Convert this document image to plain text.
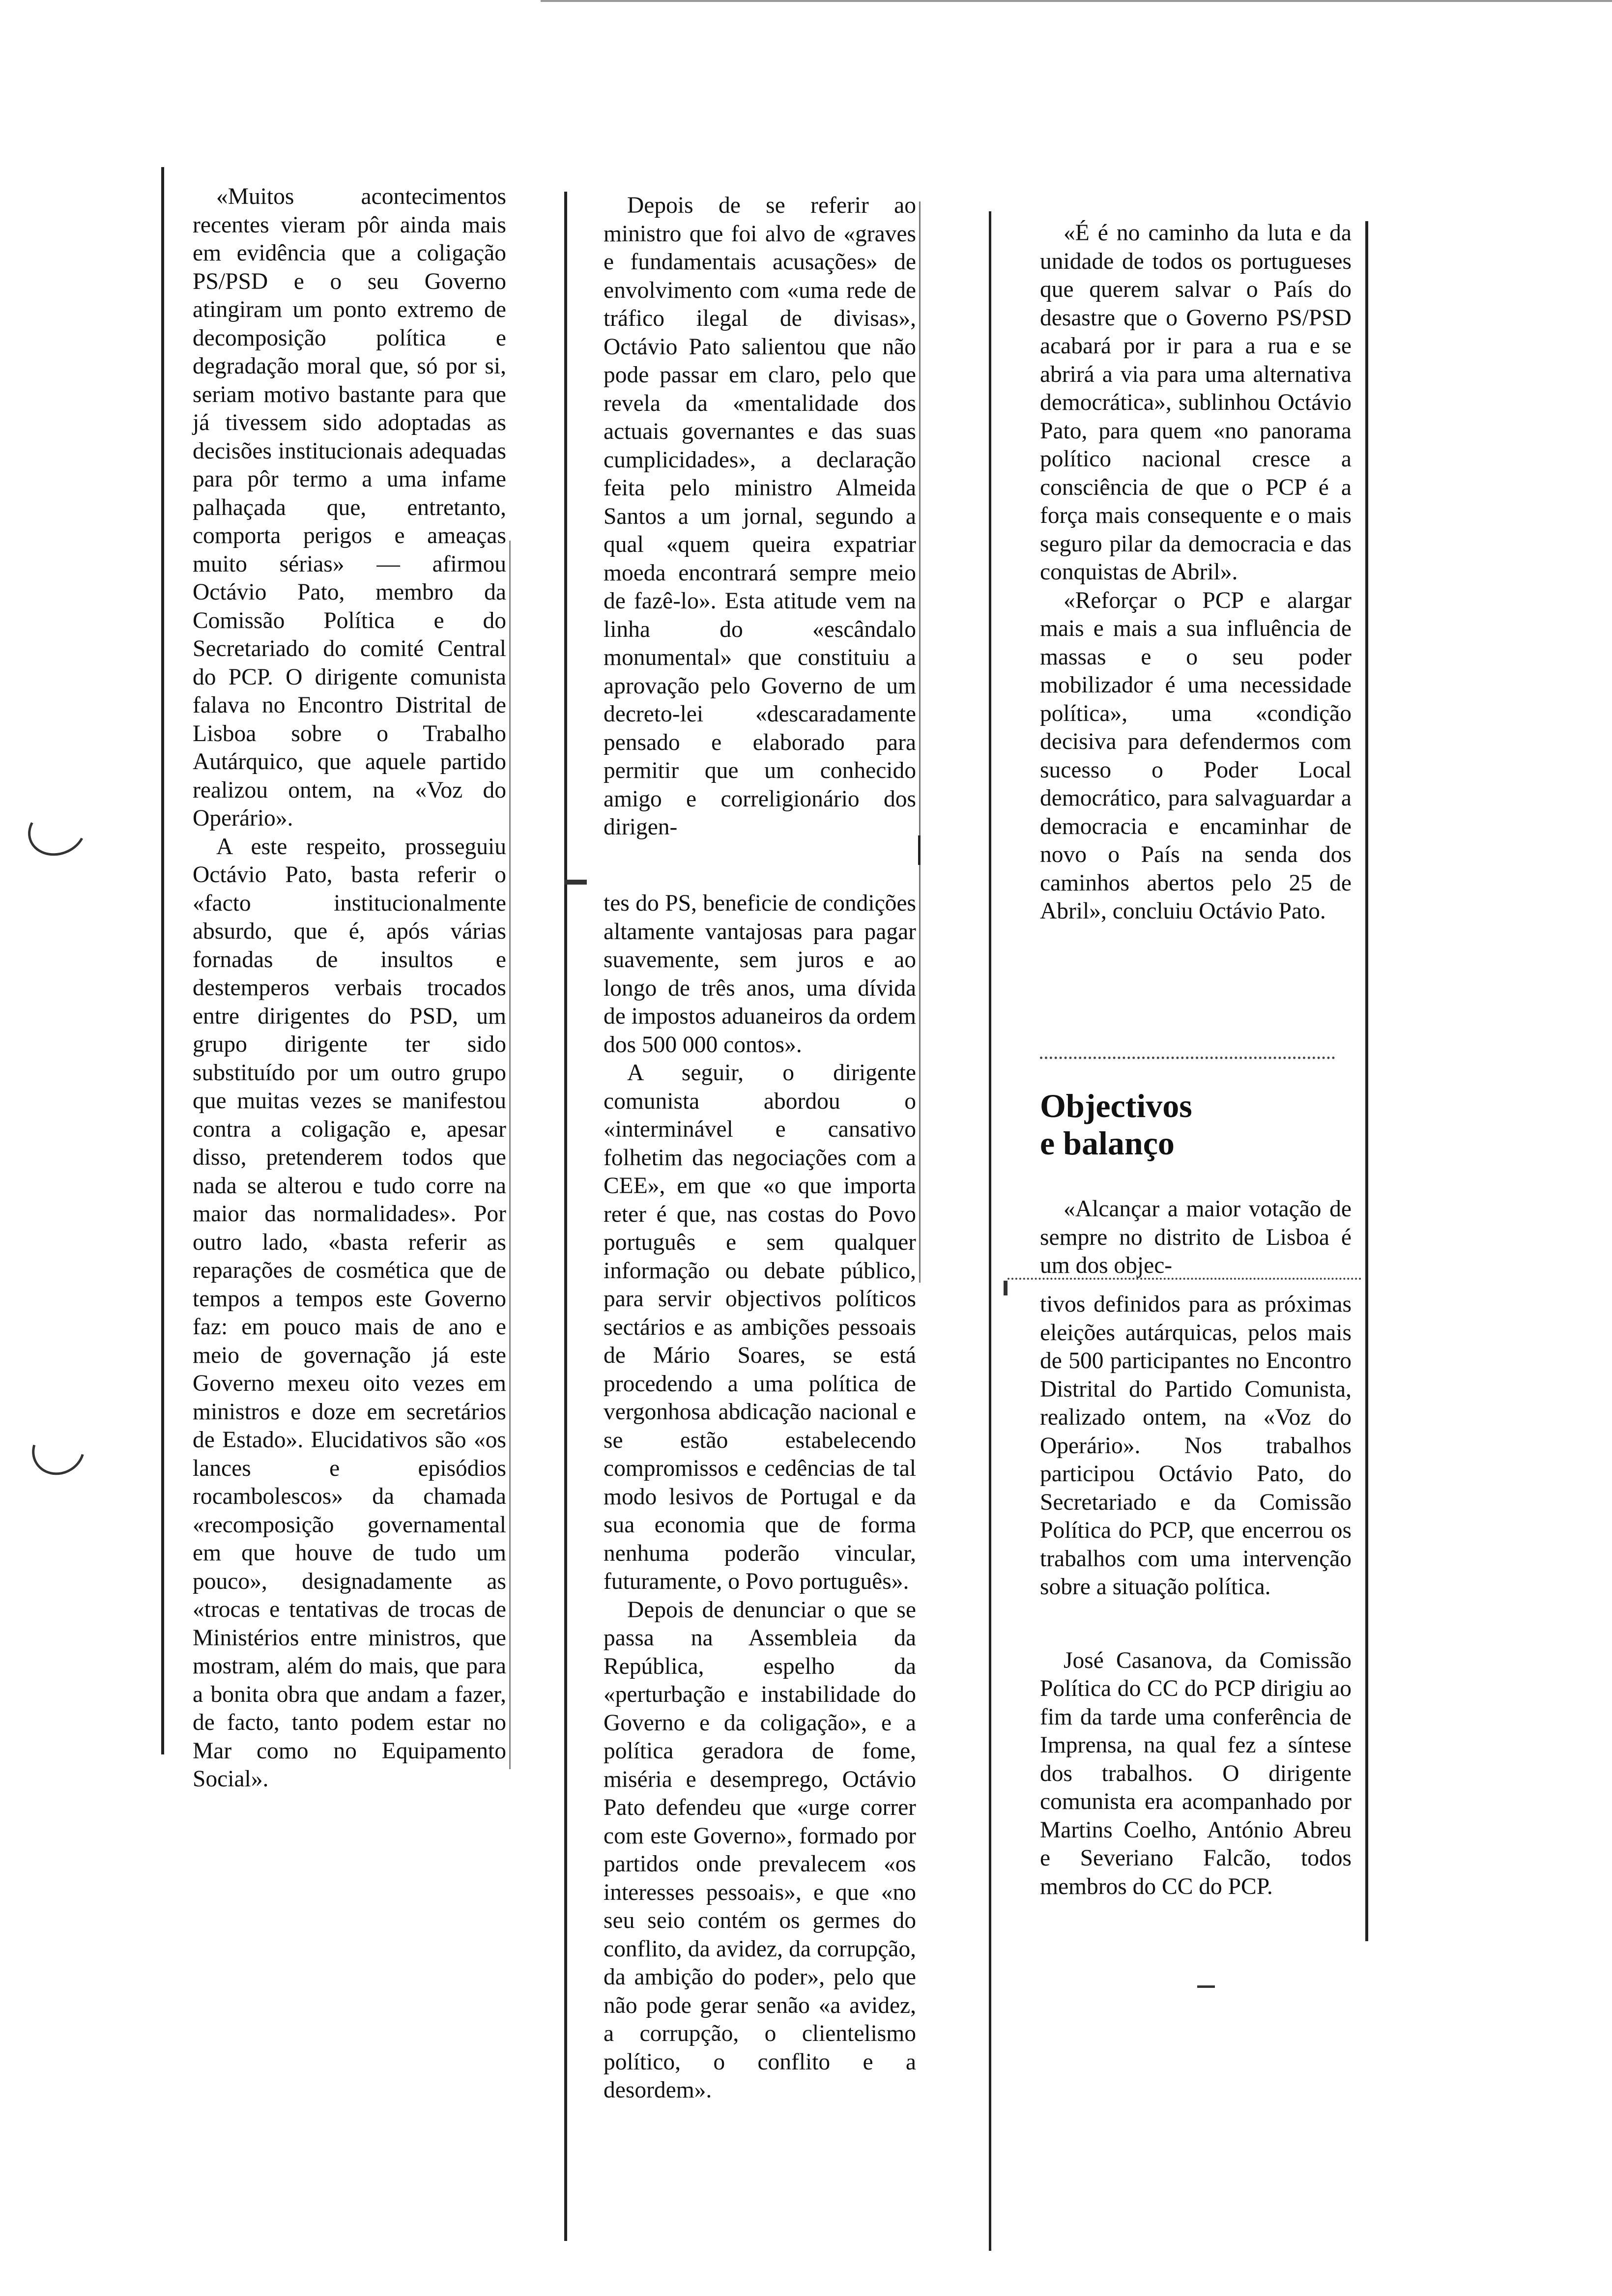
«Muitos acontecimentos recentes vieram pôr ainda mais em evidência que a coligação PS/PSD e o seu Governo atingiram um ponto extremo de decomposição política e degradação moral que, só por si, seriam motivo bastante para que já tivessem sido adoptadas as decisões institucionais adequadas para pôr termo a uma infame palhaçada que, entretanto, comporta perigos e ameaças muito sérias» — afirmou Octávio Pato, membro da Comissão Política e do Secretariado do comité Central do PCP. O dirigente comunista falava no Encontro Distrital de Lisboa sobre o Trabalho Autárquico, que aquele partido realizou ontem, na «Voz do Operário».

A este respeito, prosseguiu Octávio Pato, basta referir o «facto institucionalmente absurdo, que é, após várias fornadas de insultos e destemperos verbais trocados entre dirigentes do PSD, um grupo dirigente ter sido substituído por um outro grupo que muitas vezes se manifestou contra a coligação e, apesar disso, pretenderem todos que nada se alterou e tudo corre na maior das normalidades». Por outro lado, «basta referir as reparações de cosmética que de tempos a tempos este Governo faz: em pouco mais de ano e meio de governação já este Governo mexeu oito vezes em ministros e doze em secretários de Estado». Elucidativos são «os lances e episódios rocambolescos» da chamada «recomposição governamental em que houve de tudo um pouco», designadamente as «trocas e tentativas de trocas de Ministérios entre ministros, que mostram, além do mais, que para a bonita obra que andam a fazer, de facto, tanto podem estar no Mar como no Equipamento Social».

Depois de se referir ao ministro que foi alvo de «graves e fundamentais acusações» de envolvimento com «uma rede de tráfico ilegal de divisas», Octávio Pato salientou que não pode passar em claro, pelo que revela da «mentalidade dos actuais governantes e das suas cumplicidades», a declaração feita pelo ministro Almeida Santos a um jornal, segundo a qual «quem queira expatriar moeda encontrará sempre meio de fazê-lo». Esta atitude vem na linha do «escândalo monumental» que constituiu a aprovação pelo Governo de um decreto-lei «descaradamente pensado e elaborado para permitir que um conhecido amigo e correligionário dos dirigen-

tes do PS, beneficie de condições altamente vantajosas para pagar suavemente, sem juros e ao longo de três anos, uma dívida de impostos aduaneiros da ordem dos 500 000 contos».

A seguir, o dirigente comunista abordou o «interminável e cansativo folhetim das negociações com a CEE», em que «o que importa reter é que, nas costas do Povo português e sem qualquer informação ou debate público, para servir objectivos políticos sectários e as ambições pessoais de Mário Soares, se está procedendo a uma política de vergonhosa abdicação nacional e se estão estabelecendo compromissos e cedências de tal modo lesivos de Portugal e da sua economia que de forma nenhuma poderão vincular, futuramente, o Povo português».

Depois de denunciar o que se passa na Assembleia da República, espelho da «perturbação e instabilidade do Governo e da coligação», e a política geradora de fome, miséria e desemprego, Octávio Pato defendeu que «urge correr com este Governo», formado por partidos onde prevalecem «os interesses pessoais», e que «no seu seio contém os germes do conflito, da avidez, da corrupção, da ambição do poder», pelo que não pode gerar senão «a avidez, a corrupção, o clientelismo político, o conflito e a desordem».

«É é no caminho da luta e da unidade de todos os portugueses que querem salvar o País do desastre que o Governo PS/PSD acabará por ir para a rua e se abrirá a via para uma alternativa democrática», sublinhou Octávio Pato, para quem «no panorama político nacional cresce a consciência de que o PCP é a força mais consequente e o mais seguro pilar da democracia e das conquistas de Abril».

«Reforçar o PCP e alargar mais e mais a sua influência de massas e o seu poder mobilizador é uma necessidade política», uma «condição decisiva para defendermos com sucesso o Poder Local democrático, para salvaguardar a democracia e encaminhar de novo o País na senda dos caminhos abertos pelo 25 de Abril», concluiu Octávio Pato.

Objectivos
e balanço

«Alcançar a maior votação de sempre no distrito de Lisboa é um dos objec-

tivos definidos para as próximas eleições autárquicas, pelos mais de 500 participantes no Encontro Distrital do Partido Comunista, realizado ontem, na «Voz do Operário». Nos trabalhos participou Octávio Pato, do Secretariado e da Comissão Política do PCP, que encerrou os trabalhos com uma intervenção sobre a situação política.

José Casanova, da Comissão Política do CC do PCP dirigiu ao fim da tarde uma conferência de Imprensa, na qual fez a síntese dos trabalhos. O dirigente comunista era acompanhado por Martins Coelho, António Abreu e Severiano Falcão, todos membros do CC do PCP.
